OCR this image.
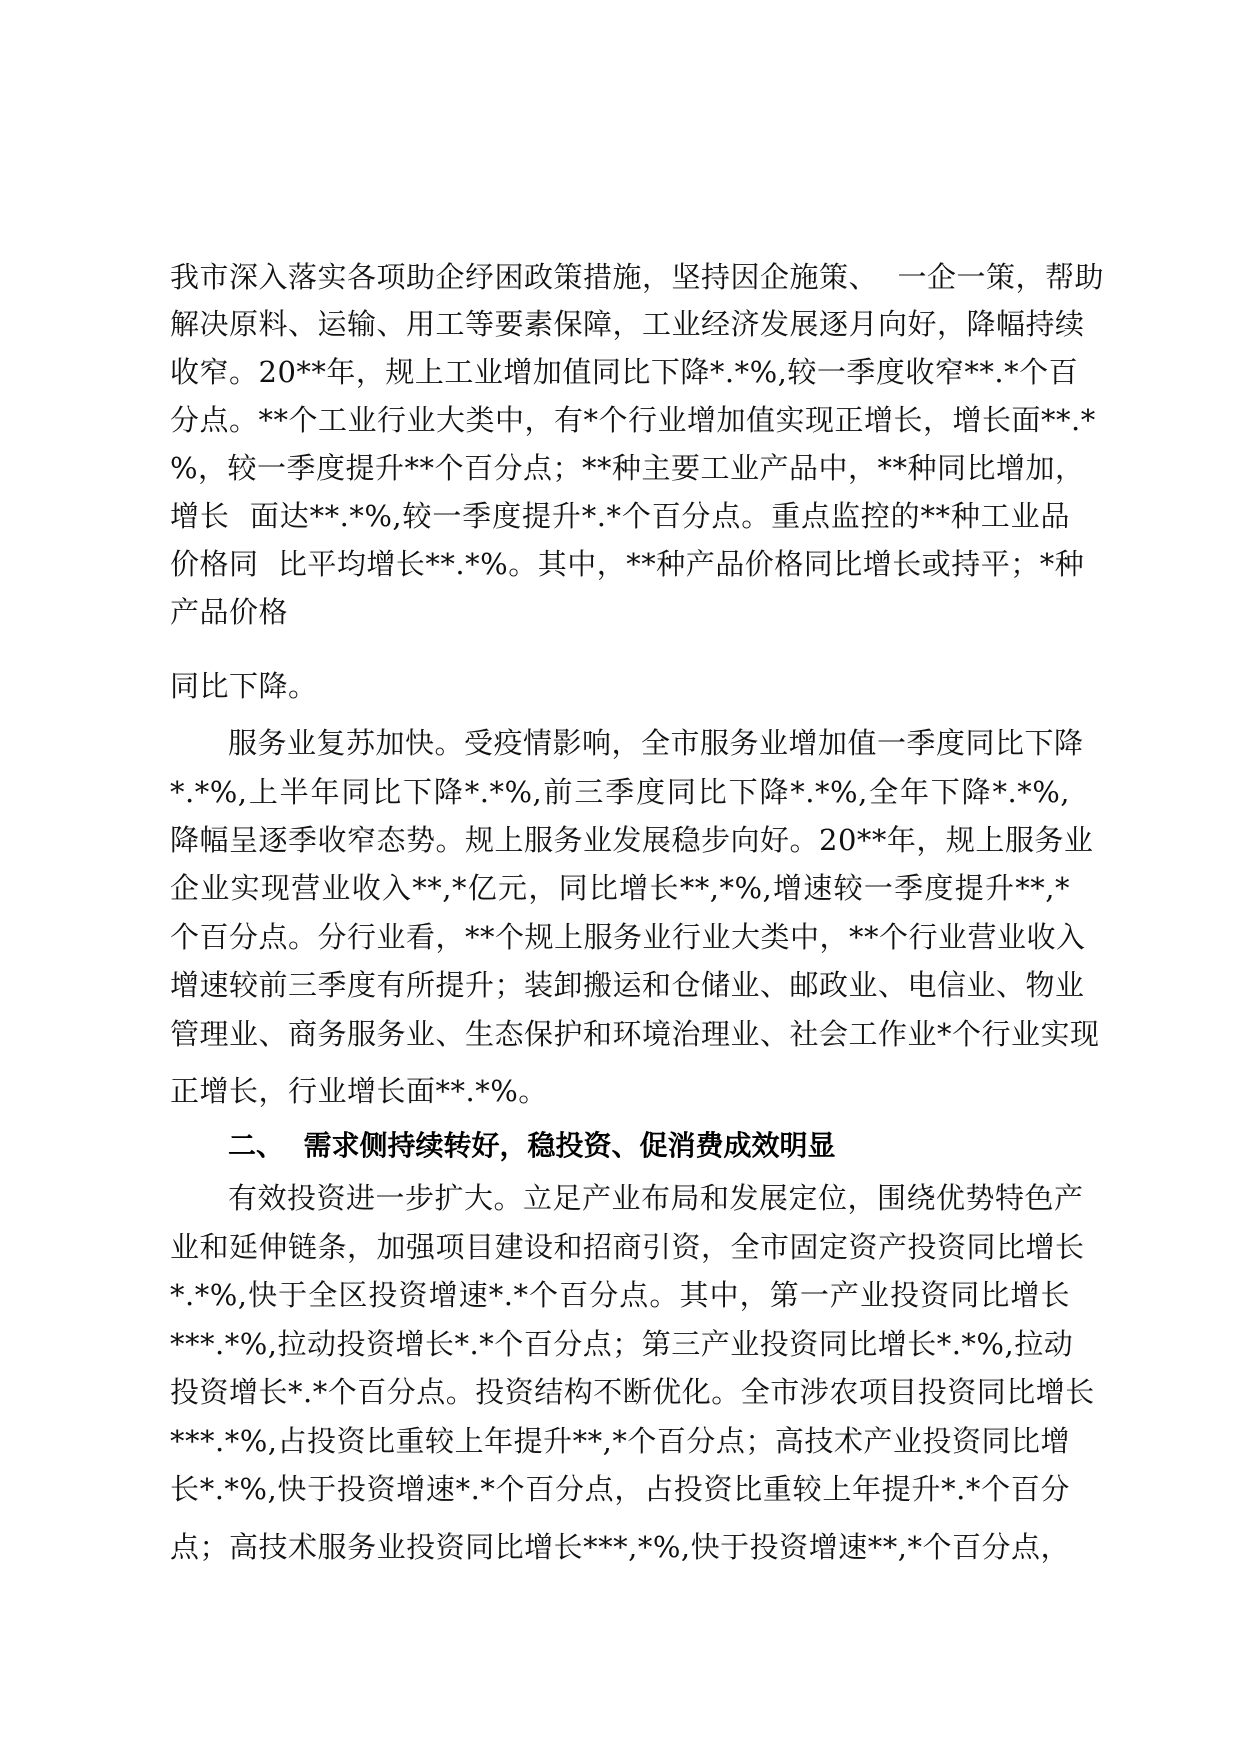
我市深入落实各项助企纾困政策措施，坚持因企施策、  一企一策，帮助
解决原料、运输、用工等要素保障，工业经济发展逐月向好，降幅持续
收窄。20**年，规上工业增加值同比下降*.*%,较一季度收窄**.*个百
分点。**个工业行业大类中，有*个行业增加值实现正增长，增长面**.*
%，较一季度提升**个百分点；**种主要工业产品中，**种同比增加，
增长  面达**.*%,较一季度提升*.*个百分点。重点监控的**种工业品
价格同  比平均增长**.*%。其中，**种产品价格同比增长或持平；*种
产品价格
同比下降。
服务业复苏加快。受疫情影响，全市服务业增加值一季度同比下降
*.*%,上半年同比下降*.*%,前三季度同比下降*.*%,全年下降*.*%,
降幅呈逐季收窄态势。规上服务业发展稳步向好。20**年，规上服务业
企业实现营业收入**,*亿元，同比增长**,*%,增速较一季度提升**,*
个百分点。分行业看，**个规上服务业行业大类中，**个行业营业收入
增速较前三季度有所提升；装卸搬运和仓储业、邮政业、电信业、物业
管理业、商务服务业、生态保护和环境治理业、社会工作业*个行业实现
正增长，行业增长面**.*%。
二、  需求侧持续转好，稳投资、促消费成效明显
有效投资进一步扩大。立足产业布局和发展定位，围绕优势特色产
业和延伸链条，加强项目建设和招商引资，全市固定资产投资同比增长
*.*%,快于全区投资增速*.*个百分点。其中，第一产业投资同比增长
***.*%,拉动投资增长*.*个百分点；第三产业投资同比增长*.*%,拉动
投资增长*.*个百分点。投资结构不断优化。全市涉农项目投资同比增长
***.*%,占投资比重较上年提升**,*个百分点；高技术产业投资同比增
长*.*%,快于投资增速*.*个百分点，占投资比重较上年提升*.*个百分
点；高技术服务业投资同比增长***,*%,快于投资增速**,*个百分点，
